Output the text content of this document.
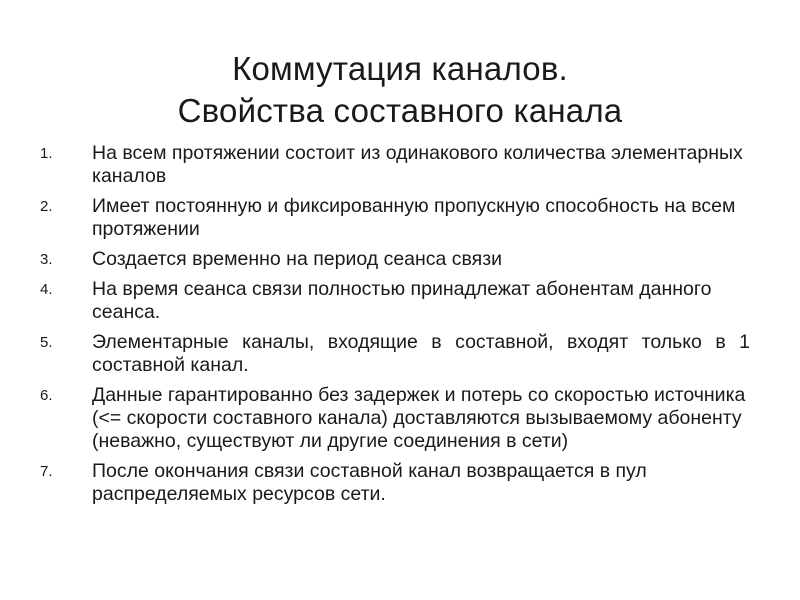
Коммутация каналов.
Свойства составного канала
1.	На всем протяжении состоит из одинакового количества элементарных каналов
2.	Имеет постоянную и фиксированную пропускную способность на всем протяжении
3.	Создается временно на период сеанса связи
4.	На время сеанса связи полностью принадлежат абонентам данного сеанса.
5.	Элементарные каналы, входящие в составной, входят только в 1 составной канал.
6.	Данные гарантированно без задержек и потерь со скоростью источника (<= скорости составного канала) доставляются вызываемому абоненту (неважно, существуют ли другие соединения в сети)
7.	После окончания связи составной канал возвращается в пул распределяемых ресурсов сети.
